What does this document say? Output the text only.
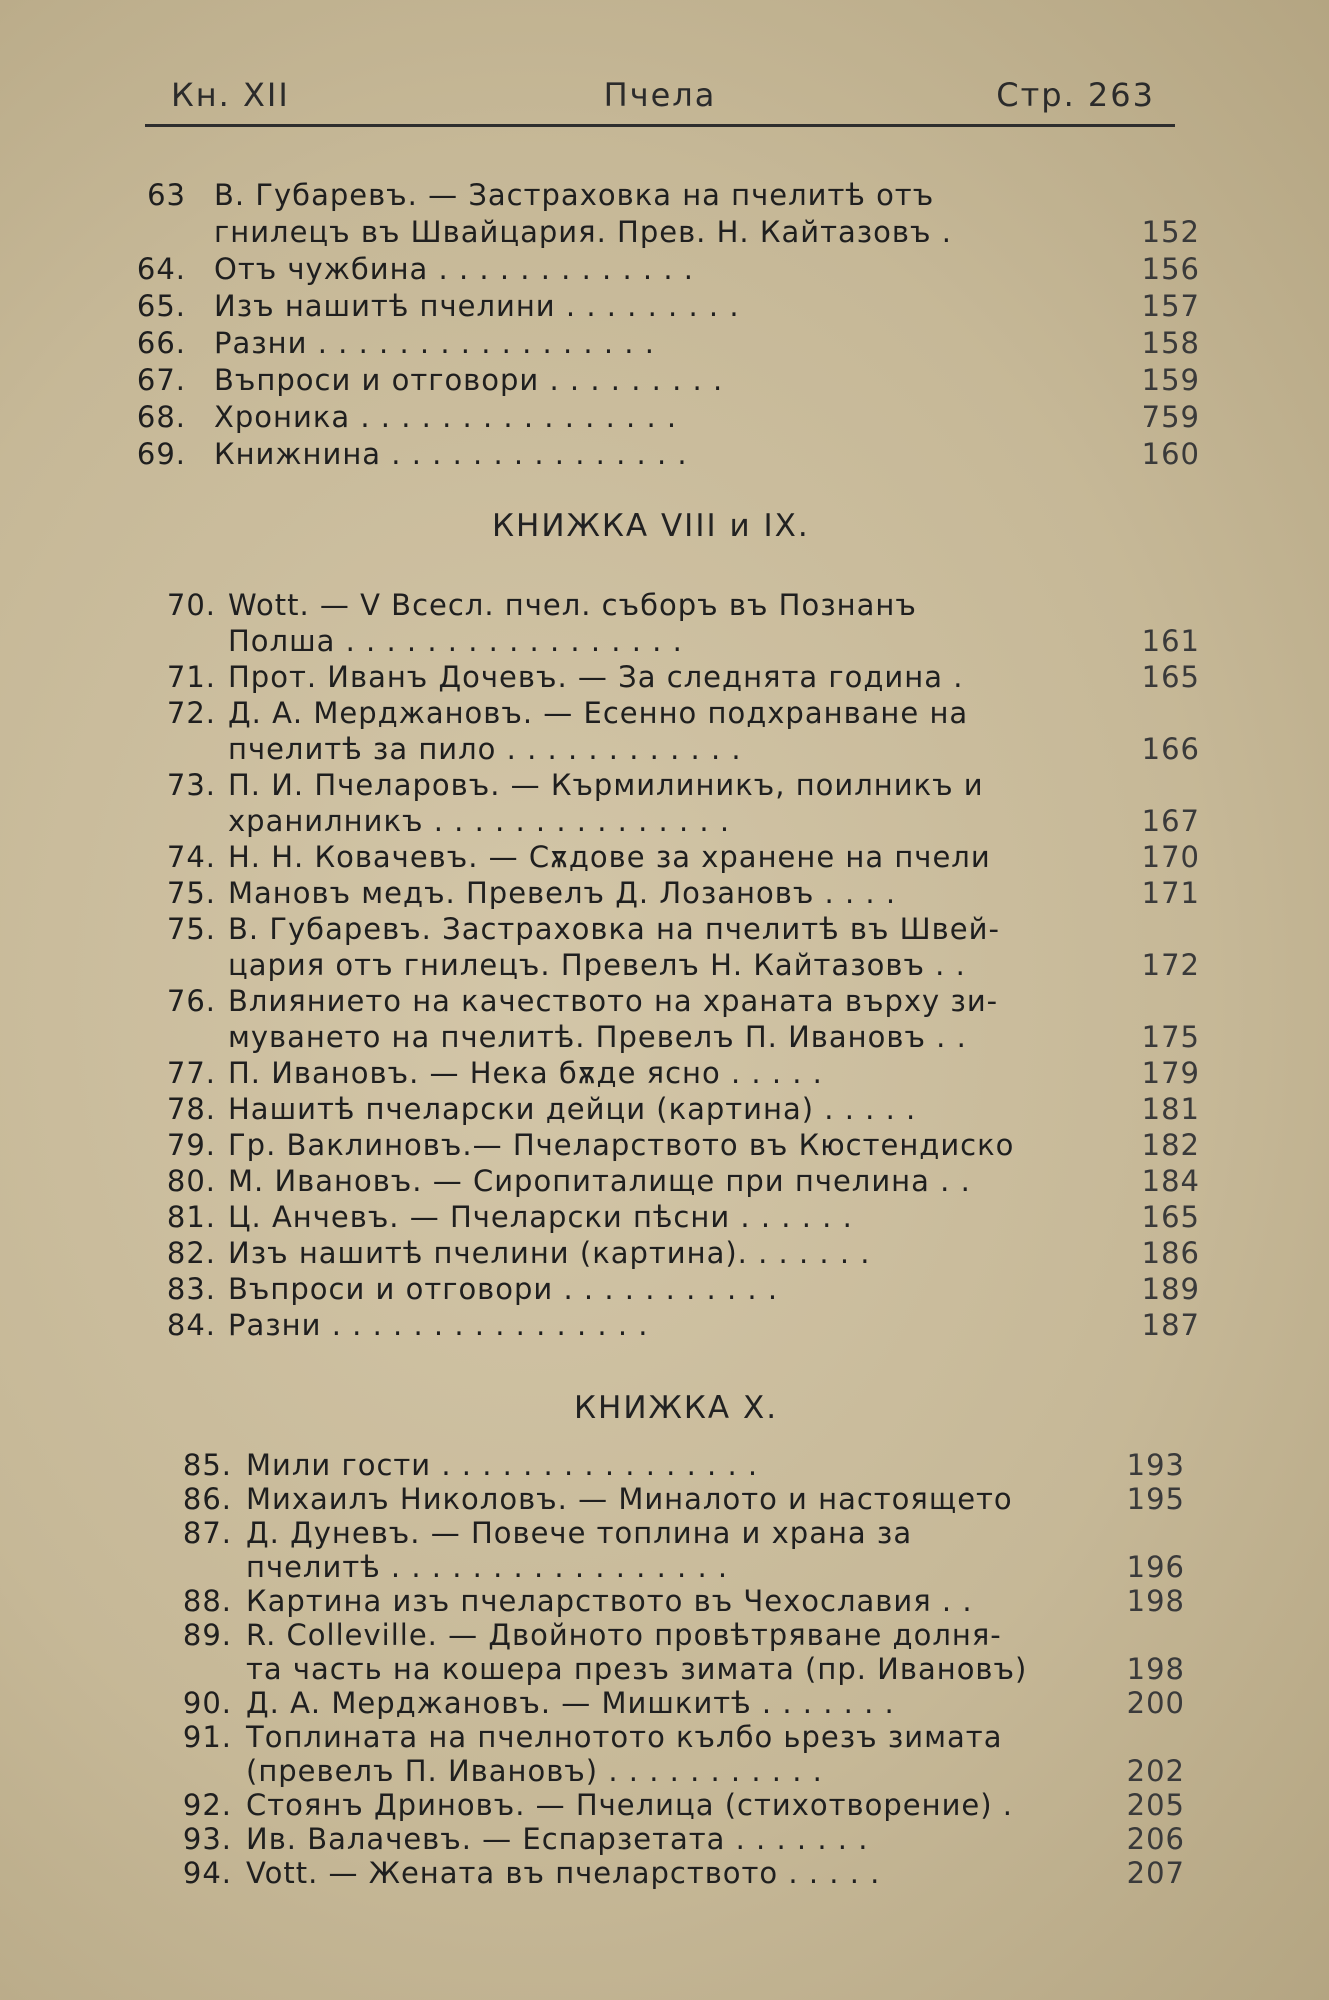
Кн. XII	Пчела	Стр. 263
63 В. Губаревъ. — Застраховка на пчелитѣ отъ
гнилецъ въ Швайцария. Прев. Н. Кайтазовъ .	152
64. Отъ чужбина . . . . . . . . . . . . .	156
65. Изъ нашитѣ пчелини . . . . . . . . .	157
66. Разни . . . . . . . . . . . . . . . . .	158
67. Въпроси и отговори . . . . . . . . .	159
68. Хроника . . . . . . . . . . . . . . . .	759
69. Книжнина . . . . . . . . . . . . . . .	160
КНИЖКА VIII и IX.
70. Wott. — V Всесл. пчел. съборъ въ Познанъ
Полша . . . . . . . . . . . . . . . . .	161
71. Прот. Иванъ Дочевъ. — За следнята година .	165
72. Д. А. Мерджановъ. — Есенно подхранване на
пчелитѣ за пило . . . . . . . . . . . .	166
73. П. И. Пчеларовъ. — Кърмилиникъ, поилникъ и
хранилникъ . . . . . . . . . . . . . . .	167
74. Н. Н. Ковачевъ. — Сѫдове за хранене на пчели	170
75. Мановъ медъ. Превелъ Д. Лозановъ . . . .	171
75. В. Губаревъ. Застраховка на пчелитѣ въ Швей-
цария отъ гнилецъ. Превелъ Н. Кайтазовъ . .	172
76. Влиянието на качеството на храната върху зи-
муването на пчелитѣ. Превелъ П. Ивановъ . .	175
77. П. Ивановъ. — Нека бѫде ясно . . . . .	179
78. Нашитѣ пчеларски дейци (картина) . . . . .	181
79. Гр. Ваклиновъ.— Пчеларството въ Кюстендиско	182
80. М. Ивановъ. — Сиропиталище при пчелина . .	184
81. Ц. Анчевъ. — Пчеларски пѣсни . . . . . .	165
82. Изъ нашитѣ пчелини (картина). . . . . . .	186
83. Въпроси и отговори . . . . . . . . . . .	189
84. Разни . . . . . . . . . . . . . . . .	187
КНИЖКА X.
85. Мили гости . . . . . . . . . . . . . . . .	193
86. Михаилъ Николовъ. — Миналото и настоящето	195
87. Д. Дуневъ. — Повече топлина и храна за
пчелитѣ . . . . . . . . . . . . . . . . .	196
88. Картина изъ пчеларството въ Чехославия . .	198
89. R. Colleville. — Двойното провѣтряване долня-
та часть на кошера презъ зимата (пр. Ивановъ)	198
90. Д. А. Мерджановъ. — Мишкитѣ . . . . . . .	200
91. Топлината на пчелнотото кълбо ьрезъ зимата
(превелъ П. Ивановъ) . . . . . . . . . . .	202
92. Стоянъ Дриновъ. — Пчелица (стихотворение) .	205
93. Ив. Валачевъ. — Еспарзетата . . . . . . .	206
94. Vott. — Жената въ пчеларството . . . . .	207
